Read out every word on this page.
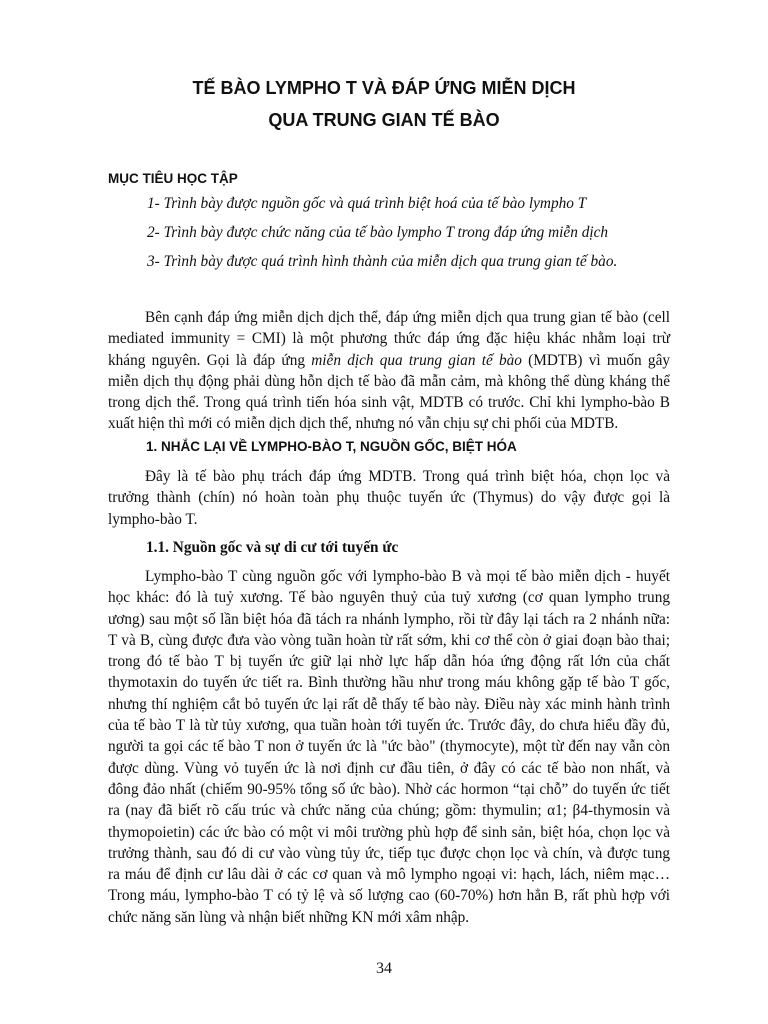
TẾ BÀO LYMPHO T VÀ ĐÁP ỨNG MIỄN DỊCH
QUA TRUNG GIAN TẾ BÀO
MỤC TIÊU HỌC TẬP
1- Trình bày được nguồn gốc và quá trình biệt hoá của tế bào lympho T
2- Trình bày được chức năng của tế bào lympho T trong đáp ứng miễn dịch
3- Trình bày được quá trình hình thành của miễn dịch qua trung gian tế bào.

Bên cạnh đáp ứng miễn dịch dịch thể, đáp ứng miễn dịch qua trung gian tế bào (cell
mediated immunity = CMI) là một phương thức đáp ứng đặc hiệu khác nhằm loại trừ
kháng nguyên. Gọi là đáp ứng miễn dịch qua trung gian tế bào (MDTB) vì muốn gây
miễn dịch thụ động phải dùng hỗn dịch tế bào đã mẫn cảm, mà không thể dùng kháng thể
trong dịch thể. Trong quá trình tiến hóa sinh vật, MDTB có trước. Chỉ khi lympho-bào B
xuất hiện thì mới có miễn dịch dịch thể, nhưng nó vẫn chịu sự chi phối của MDTB.

1. NHẮC LẠI VỀ LYMPHO-BÀO T, NGUỒN GỐC, BIỆT HÓA

Đây là tế bào phụ trách đáp ứng MDTB. Trong quá trình biệt hóa, chọn lọc và
trưởng thành (chín) nó hoàn toàn phụ thuộc tuyến ức (Thymus) do vậy được gọi là
lympho-bào T.

1.1. Nguồn gốc và sự di cư tới tuyến ức

Lympho-bào T cùng nguồn gốc với lympho-bào B và mọi tế bào miễn dịch - huyết
học khác: đó là tuỷ xương. Tế bào nguyên thuỷ của tuỷ xương (cơ quan lympho trung
ương) sau một số lần biệt hóa đã tách ra nhánh lympho, rồi từ đây lại tách ra 2 nhánh nữa:
T và B, cùng được đưa vào vòng tuần hoàn từ rất sớm, khi cơ thể còn ở giai đoạn bào thai;
trong đó tế bào T bị tuyến ức giữ lại nhờ lực hấp dẫn hóa ứng động rất lớn của chất
thymotaxin do tuyến ức tiết ra. Bình thường hầu như trong máu không gặp tế bào T gốc,
nhưng thí nghiệm cắt bỏ tuyến ức lại rất dễ thấy tế bào này. Điều này xác minh hành trình
của tế bào T là từ tủy xương, qua tuần hoàn tới tuyến ức. Trước đây, do chưa hiểu đầy đủ,
người ta gọi các tế bào T non ở tuyến ức là "ức bào" (thymocyte), một từ đến nay vẫn còn
được dùng. Vùng vỏ tuyến ức là nơi định cư đầu tiên, ở đây có các tế bào non nhất, và
đông đảo nhất (chiếm 90-95% tổng số ức bào). Nhờ các hormon “tại chỗ” do tuyến ức tiết
ra (nay đã biết rõ cấu trúc và chức năng của chúng; gồm: thymulin; α1; β4-thymosin và
thymopoietin) các ức bào có một vi môi trường phù hợp để sinh sản, biệt hóa, chọn lọc và
trưởng thành, sau đó di cư vào vùng tủy ức, tiếp tục được chọn lọc và chín, và được tung
ra máu để định cư lâu dài ở các cơ quan và mô lympho ngoại vi: hạch, lách, niêm mạc…
Trong máu, lympho-bào T có tỷ lệ và số lượng cao (60-70%) hơn hẳn B, rất phù hợp với
chức năng săn lùng và nhận biết những KN mới xâm nhập.

34
